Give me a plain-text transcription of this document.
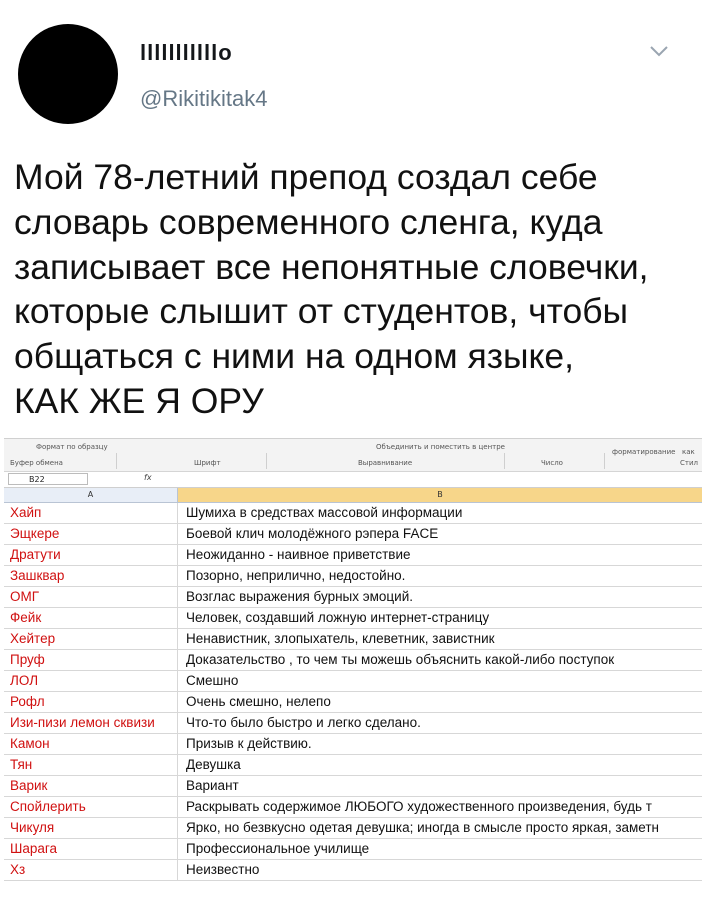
lllllllllllo
@Rikitikitak4
Мой 78-летний препод создал себе
словарь современного сленга, куда
записывает все непонятные словечки,
которые слышит от студентов, чтобы
общаться с ними на одном языке,
КАК ЖЕ Я ОРУ
Формат по образцу
Буфер обмена	Шрифт
Объединить и поместить в центре
Выравнивание	Число
форматирование как
Стил
B22	fx
A	B
Хайп	Шумиха в средствах массовой информации
Эщкере	Боевой клич молодёжного рэпера FACE
Дратути	Неожиданно - наивное приветствие
Зашквар	Позорно, неприлично, недостойно.
ОМГ	Возглас выражения бурных эмоций.
Фейк	Человек, создавший ложную интернет-страницу
Хейтер	Ненавистник, злопыхатель, клеветник, завистник
Пруф	Доказательство , то чем ты можешь объяснить какой-либо поступок
ЛОЛ	Смешно
Рофл	Очень смешно, нелепо
Изи-пизи лемон сквизи	Что-то было быстро и легко сделано.
Камон	Призыв к действию.
Тян	Девушка
Варик	Вариант
Спойлерить	Раскрывать содержимое ЛЮБОГО художественного произведения, будь т
Чикуля	Ярко, но безвкусно одетая девушка; иногда в смысле просто яркая, заметн
Шарага	Профессиональное училище
Хз	Неизвестно
